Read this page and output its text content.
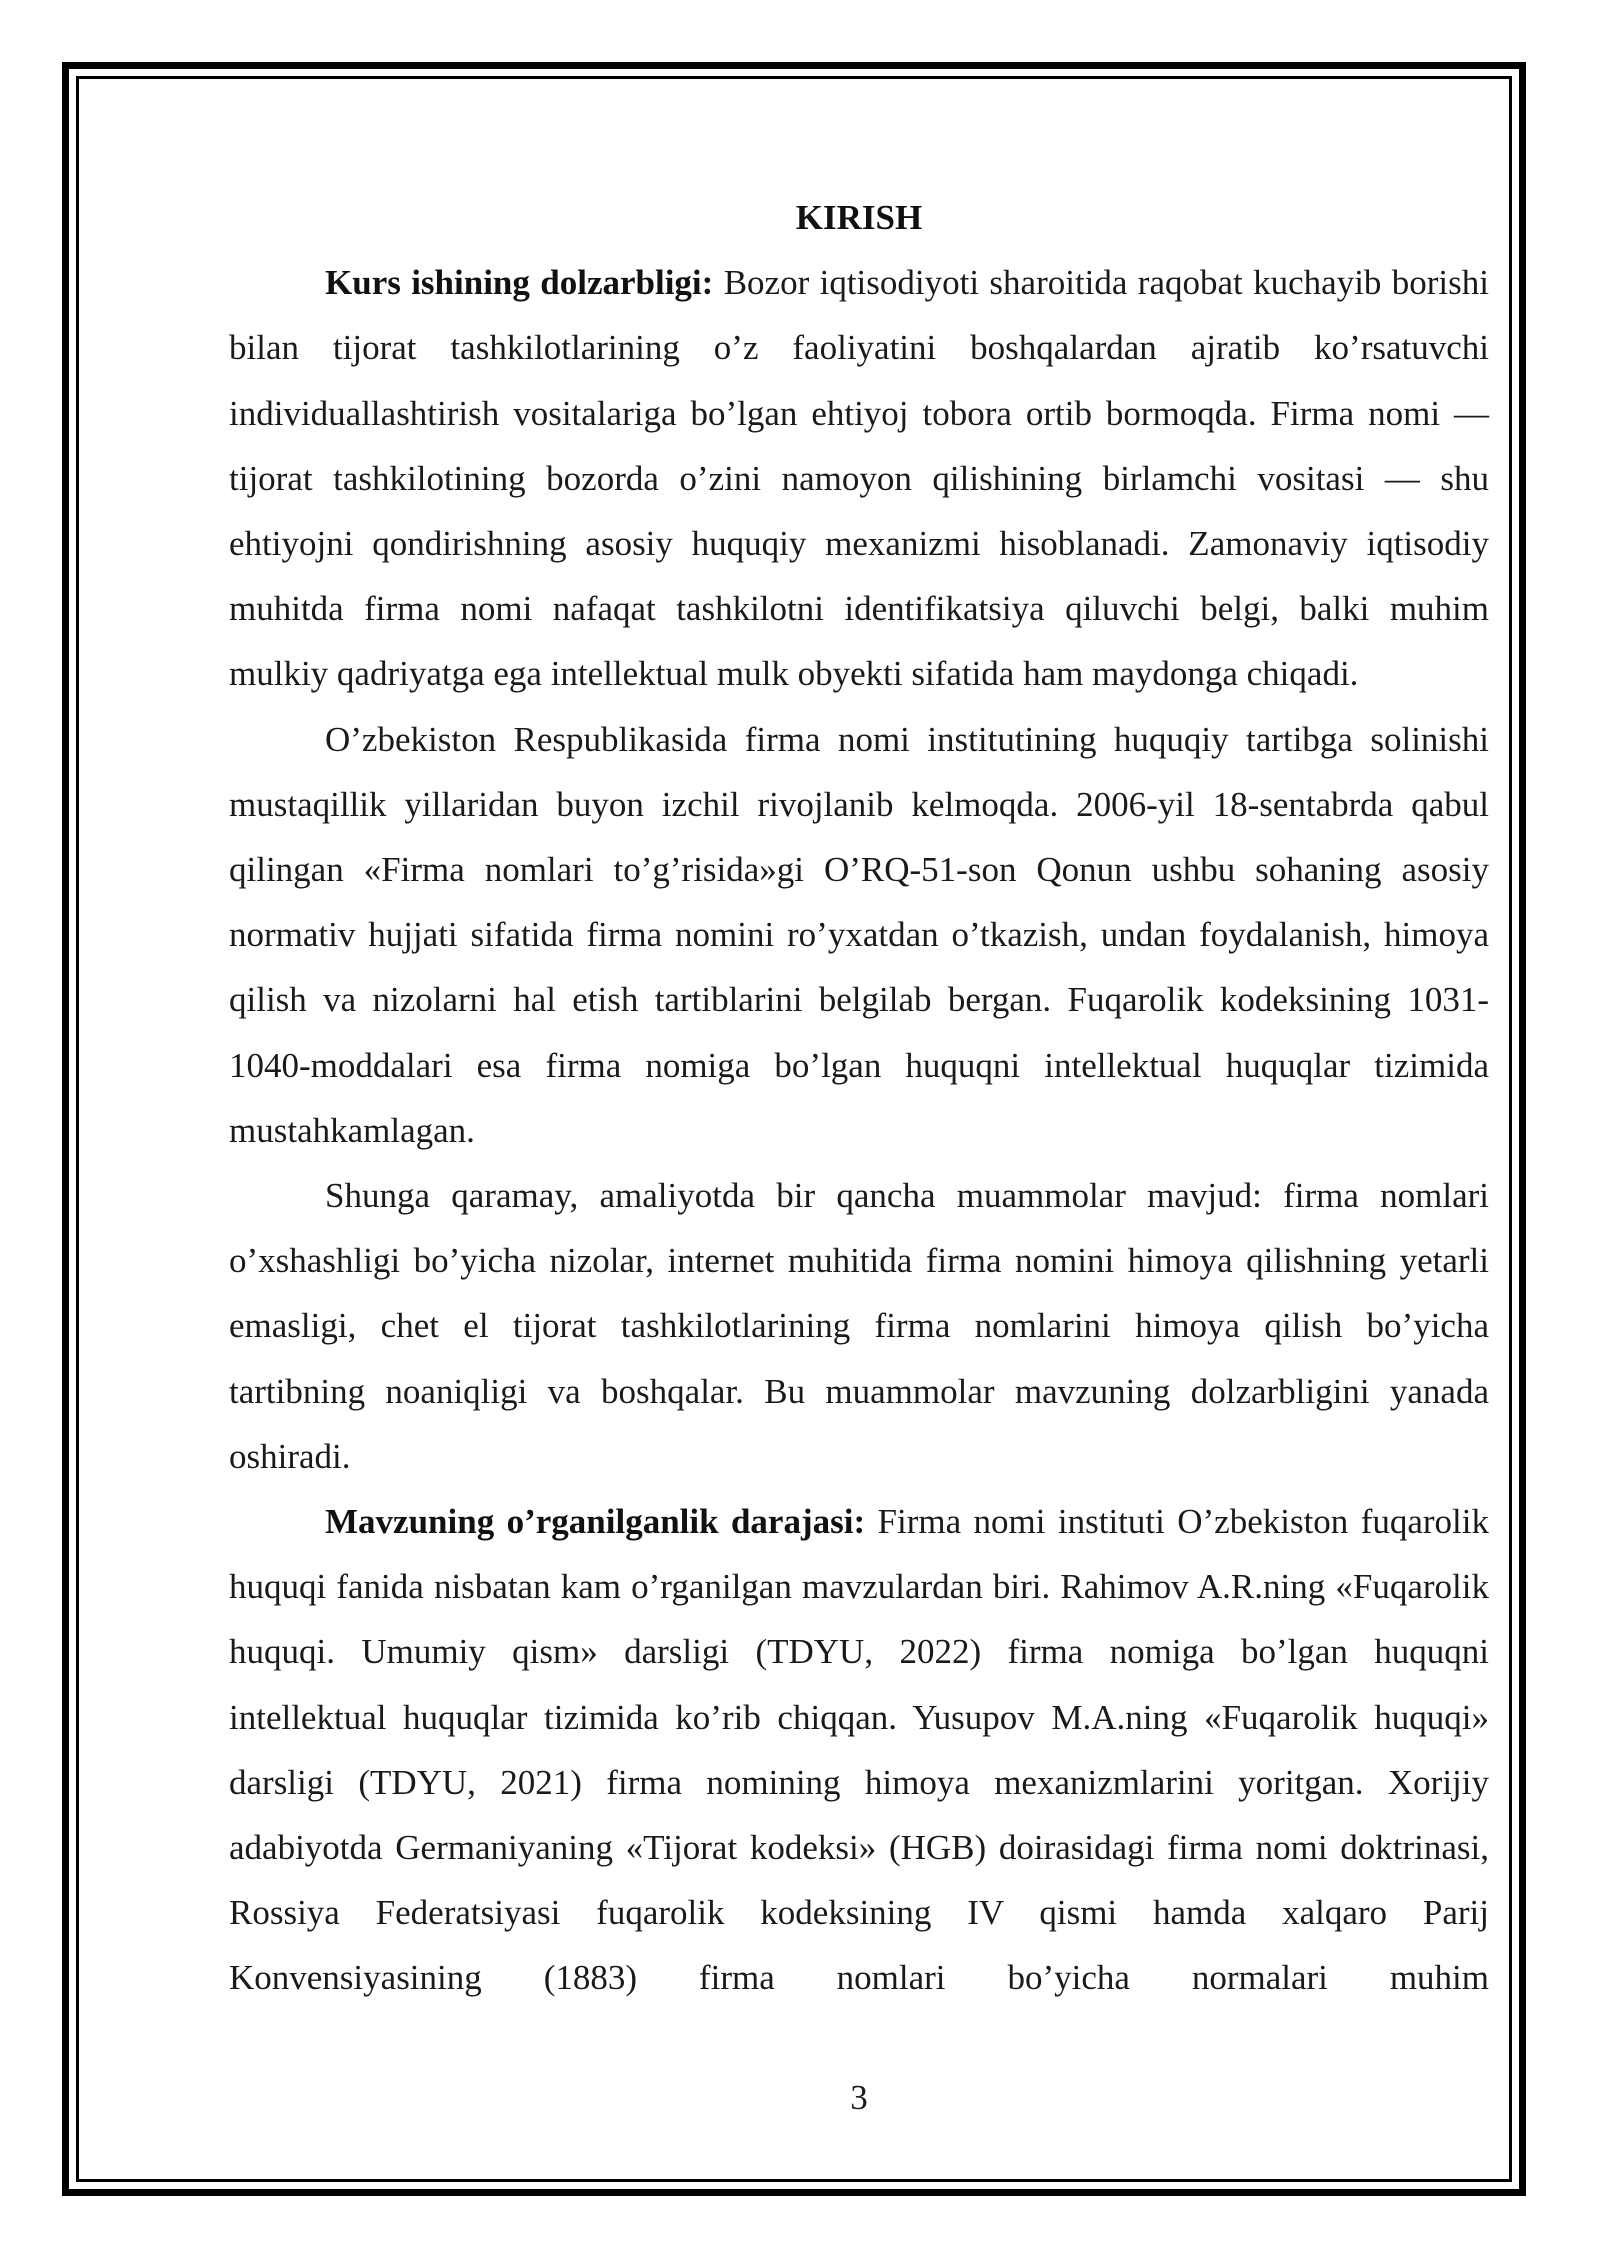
KIRISH

Kurs ishining dolzarbligi: Bozor iqtisodiyoti sharoitida raqobat kuchayib borishi bilan tijorat tashkilotlarining o’z faoliyatini boshqalardan ajratib ko’rsatuvchi individuallashtirish vositalariga bo’lgan ehtiyoj tobora ortib bormoqda. Firma nomi — tijorat tashkilotining bozorda o’zini namoyon qilishining birlamchi vositasi — shu ehtiyojni qondirishning asosiy huquqiy mexanizmi hisoblanadi. Zamonaviy iqtisodiy muhitda firma nomi nafaqat tashkilotni identifikatsiya qiluvchi belgi, balki muhim mulkiy qadriyatga ega intellektual mulk obyekti sifatida ham maydonga chiqadi.

O’zbekiston Respublikasida firma nomi institutining huquqiy tartibga solinishi mustaqillik yillaridan buyon izchil rivojlanib kelmoqda. 2006-yil 18-sentabrda qabul qilingan «Firma nomlari to’g’risida»gi O’RQ-51-son Qonun ushbu sohaning asosiy normativ hujjati sifatida firma nomini ro’yxatdan o’tkazish, undan foydalanish, himoya qilish va nizolarni hal etish tartiblarini belgilab bergan. Fuqarolik kodeksining 1031-1040-moddalari esa firma nomiga bo’lgan huquqni intellektual huquqlar tizimida mustahkamlagan.

Shunga qaramay, amaliyotda bir qancha muammolar mavjud: firma nomlari o’xshashligi bo’yicha nizolar, internet muhitida firma nomini himoya qilishning yetarli emasligi, chet el tijorat tashkilotlarining firma nomlarini himoya qilish bo’yicha tartibning noaniqligi va boshqalar. Bu muammolar mavzuning dolzarbligini yanada oshiradi.

Mavzuning o’rganilganlik darajasi: Firma nomi instituti O’zbekiston fuqarolik huquqi fanida nisbatan kam o’rganilgan mavzulardan biri. Rahimov A.R.ning «Fuqarolik huquqi. Umumiy qism» darsligi (TDYU, 2022) firma nomiga bo’lgan huquqni intellektual huquqlar tizimida ko’rib chiqqan. Yusupov M.A.ning «Fuqarolik huquqi» darsligi (TDYU, 2021) firma nomining himoya mexanizmlarini yoritgan. Xorijiy adabiyotda Germaniyaning «Tijorat kodeksi» (HGB) doirasidagi firma nomi doktrinasi, Rossiya Federatsiyasi fuqarolik kodeksining IV qismi hamda xalqaro Parij Konvensiyasining (1883) firma nomlari bo’yicha normalari muhim

3
